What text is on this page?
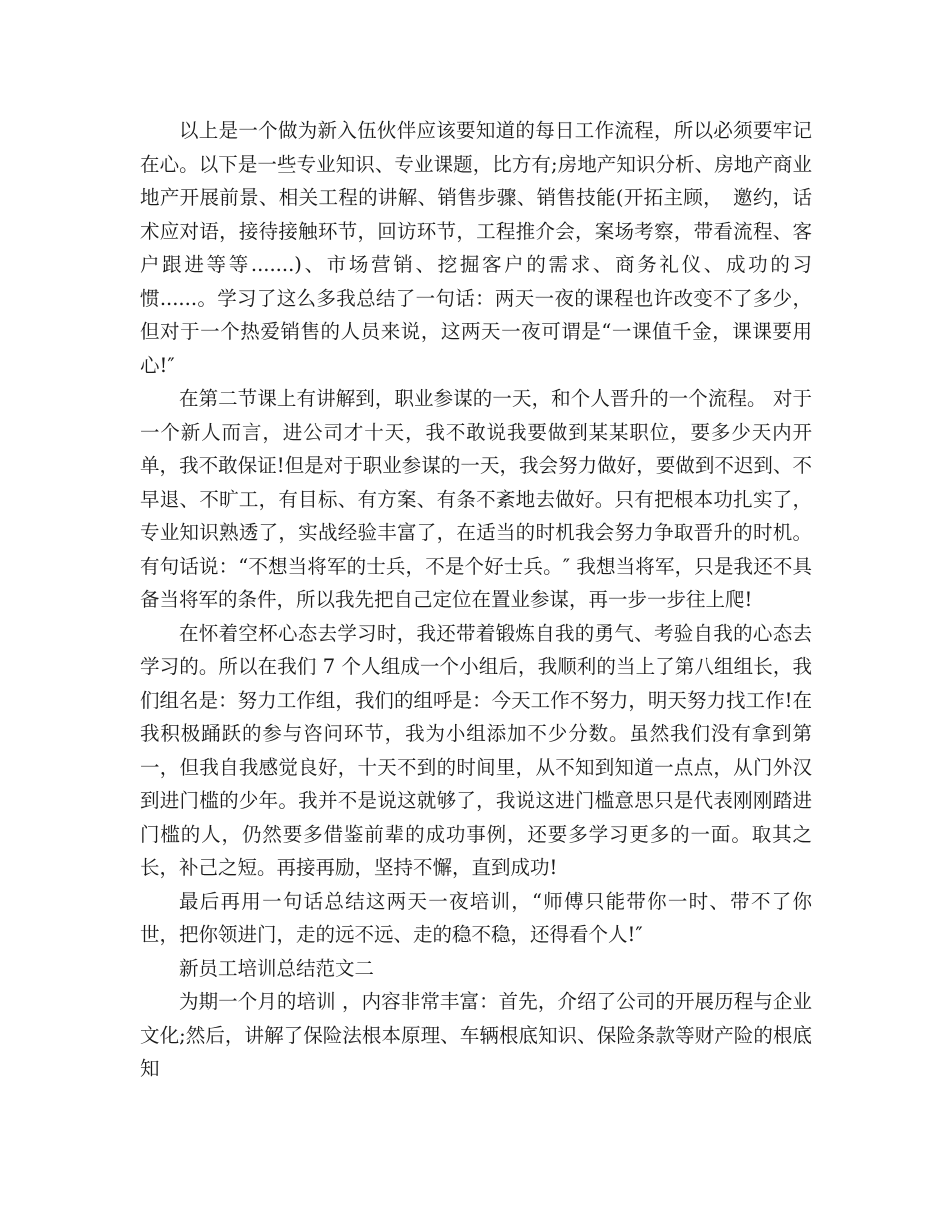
以上是一个做为新入伍伙伴应该要知道的每日工作流程，所以必须要牢记在心。以下是一些专业知识、专业课题，比方有;房地产知识分析、房地产商业地产开展前景、相关工程的讲解、销售步骤、销售技能(开拓主顾，　邀约，话术应对语，接待接触环节，回访环节，工程推介会，案场考察，带看流程、客户跟进等等.......)、市场营销、挖掘客户的需求、商务礼仪、成功的习惯......。学习了这么多我总结了一句话：两天一夜的课程也许改变不了多少，但对于一个热爱销售的人员来说，这两天一夜可谓是“一课值千金，课课要用心!″

在第二节课上有讲解到，职业参谋的一天，和个人晋升的一个流程。 对于一个新人而言，进公司才十天，我不敢说我要做到某某职位，要多少天内开单，我不敢保证!但是对于职业参谋的一天，我会努力做好，要做到不迟到、不早退、不旷工，有目标、有方案、有条不紊地去做好。只有把根本功扎实了，专业知识熟透了，实战经验丰富了，在适当的时机我会努力争取晋升的时机。有句话说：“不想当将军的士兵，不是个好士兵。″ 我想当将军，只是我还不具备当将军的条件，所以我先把自己定位在置业参谋，再一步一步往上爬!

在怀着空杯心态去学习时，我还带着锻炼自我的勇气、考验自我的心态去学习的。所以在我们 7 个人组成一个小组后，我顺利的当上了第八组组长，我们组名是：努力工作组，我们的组呼是：今天工作不努力，明天努力找工作!在我积极踊跃的参与咨问环节，我为小组添加不少分数。虽然我们没有拿到第一，但我自我感觉良好，十天不到的时间里，从不知到知道一点点，从门外汉到进门槛的少年。我并不是说这就够了，我说这进门槛意思只是代表刚刚踏进门槛的人，仍然要多借鉴前辈的成功事例，还要多学习更多的一面。取其之长，补己之短。再接再励，坚持不懈，直到成功!

最后再用一句话总结这两天一夜培训，“师傅只能带你一时、带不了你世，把你领进门，走的远不远、走的稳不稳，还得看个人!″

新员工培训总结范文二

为期一个月的培训 ，内容非常丰富：首先，介绍了公司的开展历程与企业文化;然后，讲解了保险法根本原理、车辆根底知识、保险条款等财产险的根底知
